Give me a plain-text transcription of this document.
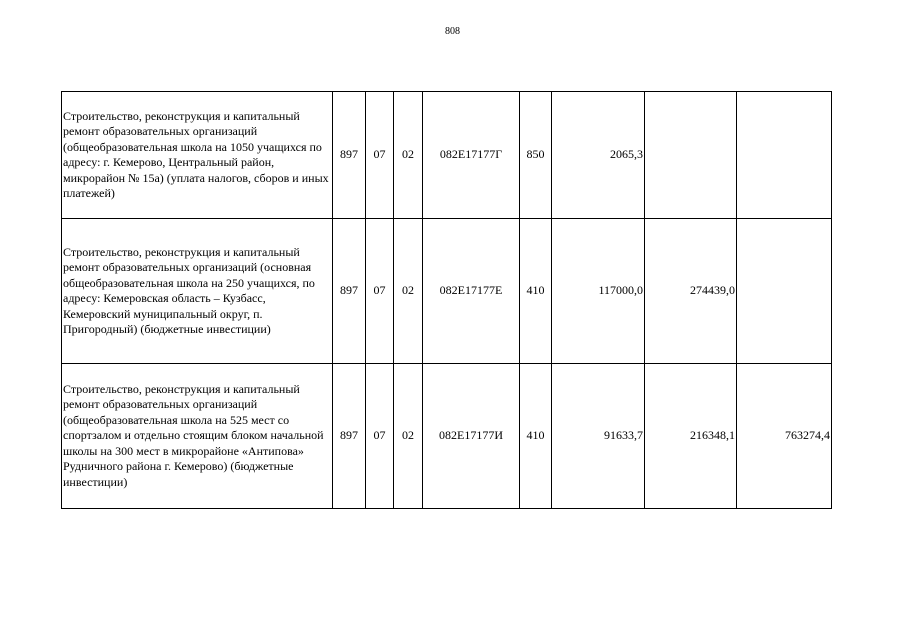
808
Строительство, реконструкция и капитальный ремонт образовательных организаций (общеобразовательная школа на 1050 учащихся по адресу: г. Кемерово, Центральный район, микрорайон № 15а) (уплата налогов, сборов и иных платежей)	897	07	02	082Е17177Г	850	2065,3		
Строительство, реконструкция и капитальный ремонт образовательных организаций (основная общеобразовательная школа на 250 учащихся, по адресу: Кемеровская область – Кузбасс, Кемеровский муниципальный округ, п. Пригородный) (бюджетные инвестиции)	897	07	02	082Е17177Е	410	117000,0	274439,0	
Строительство, реконструкция и капитальный ремонт образовательных организаций (общеобразовательная школа на 525 мест со спортзалом и отдельно стоящим блоком начальной школы на 300 мест в микрорайоне «Антипова» Рудничного района г. Кемерово) (бюджетные инвестиции)	897	07	02	082Е17177И	410	91633,7	216348,1	763274,4
